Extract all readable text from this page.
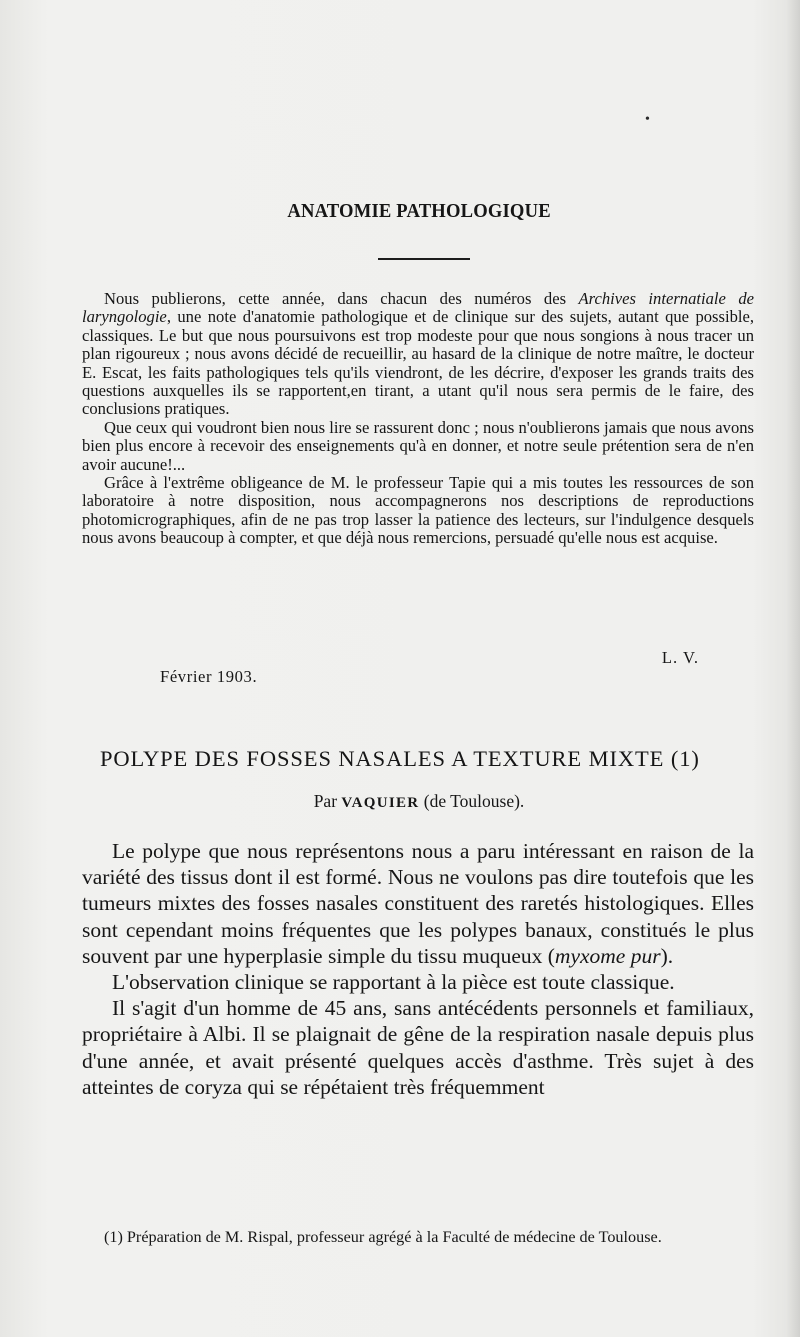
•
ANATOMIE PATHOLOGIQUE

Nous publierons, cette année, dans chacun des numéros des Archives internatiale de laryngologie, une note d'anatomie pathologique et de clinique sur des sujets, autant que possible, classiques. Le but que nous poursuivons est trop modeste pour que nous songions à nous tracer un plan rigoureux ; nous avons décidé de recueillir, au hasard de la clinique de notre maître, le docteur E. Escat, les faits pathologiques tels qu'ils viendront, de les décrire, d'exposer les grands traits des questions auxquelles ils se rapportent,en tirant, a utant qu'il nous sera permis de le faire, des conclusions pratiques.

Que ceux qui voudront bien nous lire se rassurent donc ; nous n'oublierons jamais que nous avons bien plus encore à recevoir des enseignements qu'à en donner, et notre seule prétention sera de n'en avoir aucune!...

Grâce à l'extrême obligeance de M. le professeur Tapie qui a mis toutes les ressources de son laboratoire à notre disposition, nous accompagnerons nos descriptions de reproductions photomicrographiques, afin de ne pas trop lasser la patience des lecteurs, sur l'indulgence desquels nous avons beaucoup à compter, et que déjà nous remercions, persuadé qu'elle nous est acquise.

L. V.
Février 1903.
POLYPE DES FOSSES NASALES A TEXTURE MIXTE (1)
Par VAQUIER (de Toulouse).

Le polype que nous représentons nous a paru intéressant en raison de la variété des tissus dont il est formé. Nous ne voulons pas dire toutefois que les tumeurs mixtes des fosses nasales constituent des raretés histologiques. Elles sont cependant moins fréquentes que les polypes banaux, constitués le plus souvent par une hyperplasie simple du tissu muqueux (myxome pur).

L'observation clinique se rapportant à la pièce est toute classique.

Il s'agit d'un homme de 45 ans, sans antécédents personnels et familiaux, propriétaire à Albi. Il se plaignait de gêne de la respiration nasale depuis plus d'une année, et avait présenté quelques accès d'asthme. Très sujet à des atteintes de coryza qui se répétaient très fréquemment

(1) Préparation de M. Rispal, professeur agrégé à la Faculté de médecine de Toulouse.
